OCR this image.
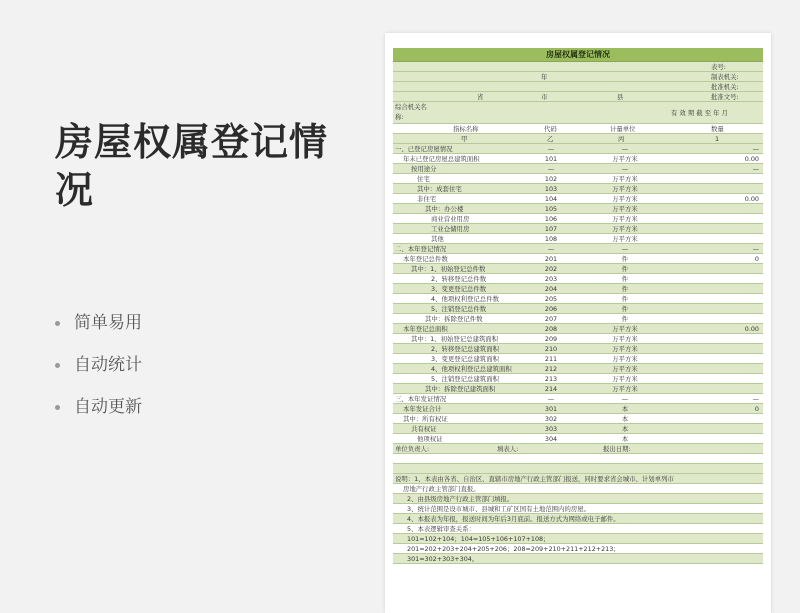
房屋权属登记情况
简单易用
自动统计
自动更新
房屋权属登记情况
表号:
年	制表机关:
批准机关:
省	市	县	批准文号:
综合机关名称:	有 效 期 截 至 年 月
指标名称	代码	计量单位	数量
甲	乙	丙	1
一、已登记房屋情况	—	—	—
年末已登记房屋总建筑面积	101	万平方米	0.00
按用途分	—	—	—
住宅	102	万平方米
其中：成套住宅	103	万平方米
非住宅	104	万平方米	0.00
其中：办公楼	105	万平方米
商业营业用房	106	万平方米
工业仓储用房	107	万平方米
其他	108	万平方米
二、本年登记情况	—	—	—
本年登记总件数	201	件	0
其中：1、初始登记总件数	202	件
2、转移登记总件数	203	件
3、变更登记总件数	204	件
4、他项权利登记总件数	205	件
5、注销登记总件数	206	件
其中：拆除登记件数	207	件
本年登记总面积	208	万平方米	0.00
其中：1、初始登记总建筑面积	209	万平方米
2、转移登记总建筑面积	210	万平方米
3、变更登记总建筑面积	211	万平方米
4、他项权利登记总建筑面积	212	万平方米
5、注销登记总建筑面积	213	万平方米
其中：拆除登记建筑面积	214	万平方米
三、本年发证情况	—	—	—
本年发证合计	301	本	0
其中：所有权证	302	本
共有权证	303	本
他项权证	304	本
单位负责人:	填表人:	报出日期:
说明：1、本表由各省、自治区、直辖市房地产行政主管部门报送，同时要求省会城市、计划单列市
房地产行政主管部门直报。
2、由县级房地产行政主管部门填报。
3、统计范围是设市城市、县城和工矿区国有土地范围内的房屋。
4、本报表为年报，报送时间为年后3月底前。报送方式为网络或电子邮件。
5、本表逻辑审查关系：
101=102+104；104=105+106+107+108；
201=202+203+204+205+206；208=209+210+211+212+213；
301=302+303+304。
